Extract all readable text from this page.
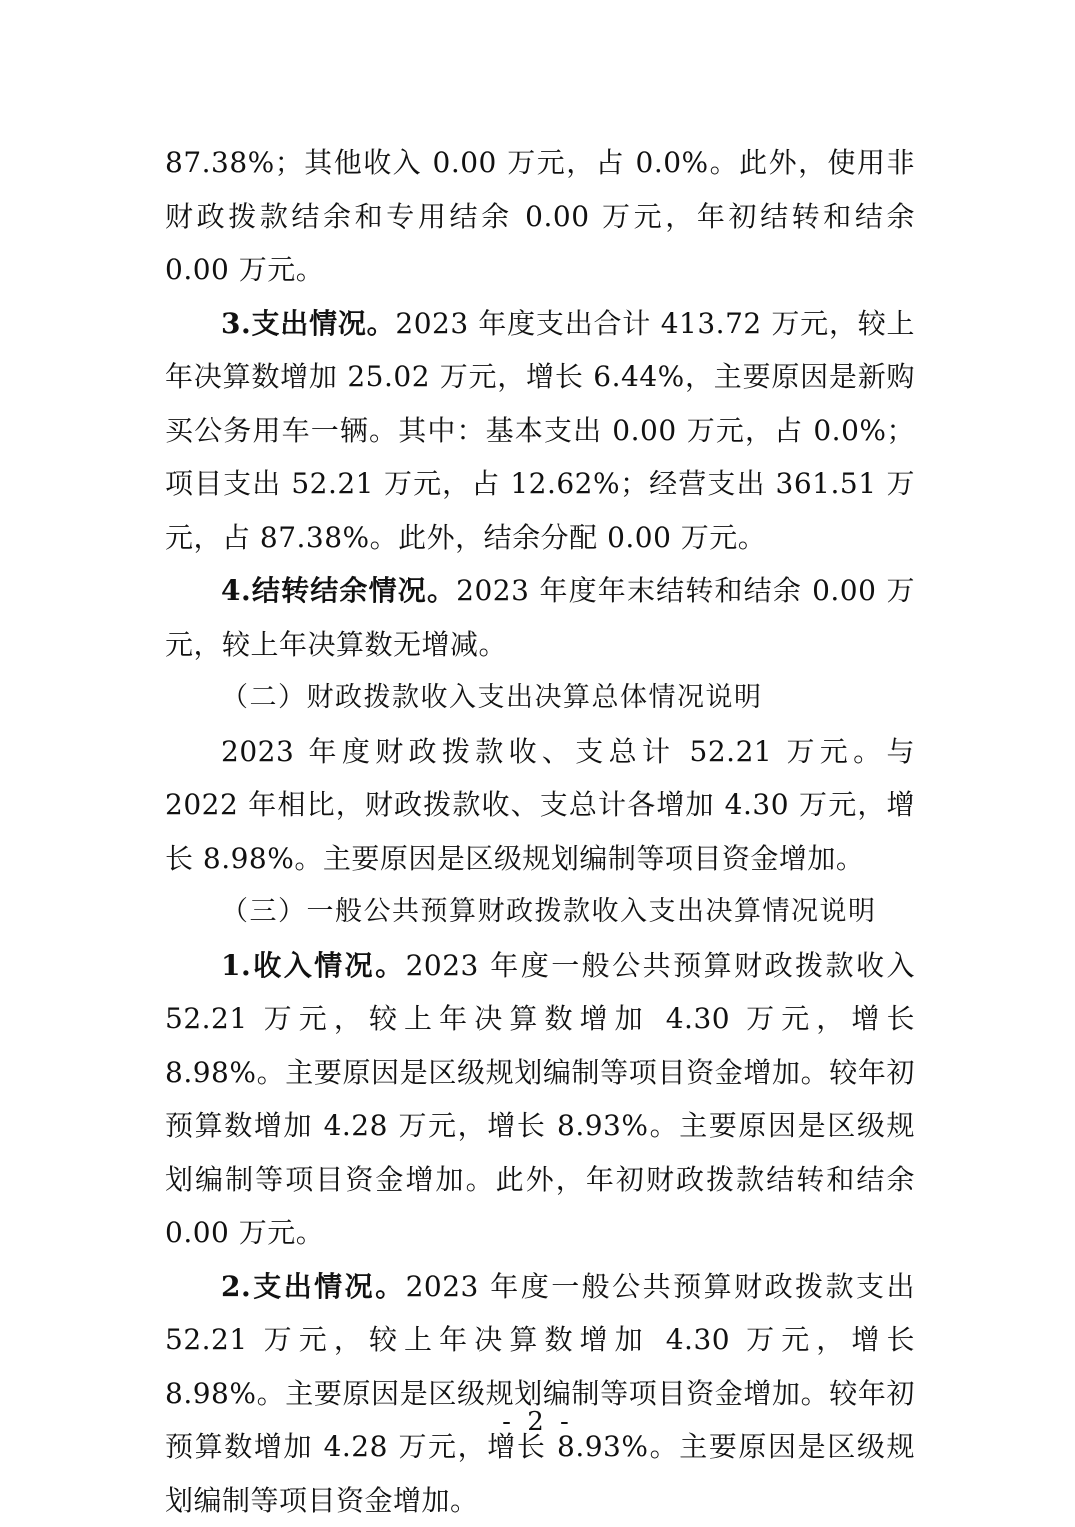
87.38%；其他收入 0.00 万元，占 0.0%。此外，使用非财政拨款结余和专用结余 0.00 万元，年初结转和结余 0.00 万元。

3.支出情况。2023 年度支出合计 413.72 万元，较上年决算数增加 25.02 万元，增长 6.44%，主要原因是新购买公务用车一辆。其中：基本支出 0.00 万元，占 0.0%；项目支出 52.21 万元，占 12.62%；经营支出 361.51 万元，占 87.38%。此外，结余分配 0.00 万元。

4.结转结余情况。2023 年度年末结转和结余 0.00 万元，较上年决算数无增减。

（二）财政拨款收入支出决算总体情况说明

2023 年度财政拨款收、支总计 52.21 万元。与 2022 年相比，财政拨款收、支总计各增加 4.30 万元，增长 8.98%。主要原因是区级规划编制等项目资金增加。

（三）一般公共预算财政拨款收入支出决算情况说明

1.收入情况。2023 年度一般公共预算财政拨款收入 52.21 万元，较上年决算数增加 4.30 万元，增长 8.98%。主要原因是区级规划编制等项目资金增加。较年初预算数增加 4.28 万元，增长 8.93%。主要原因是区级规划编制等项目资金增加。此外，年初财政拨款结转和结余 0.00 万元。

2.支出情况。2023 年度一般公共预算财政拨款支出 52.21 万元，较上年决算数增加 4.30 万元，增长 8.98%。主要原因是区级规划编制等项目资金增加。较年初预算数增加 4.28 万元，增长 8.93%。主要原因是区级规划编制等项目资金增加。

- 2 -
